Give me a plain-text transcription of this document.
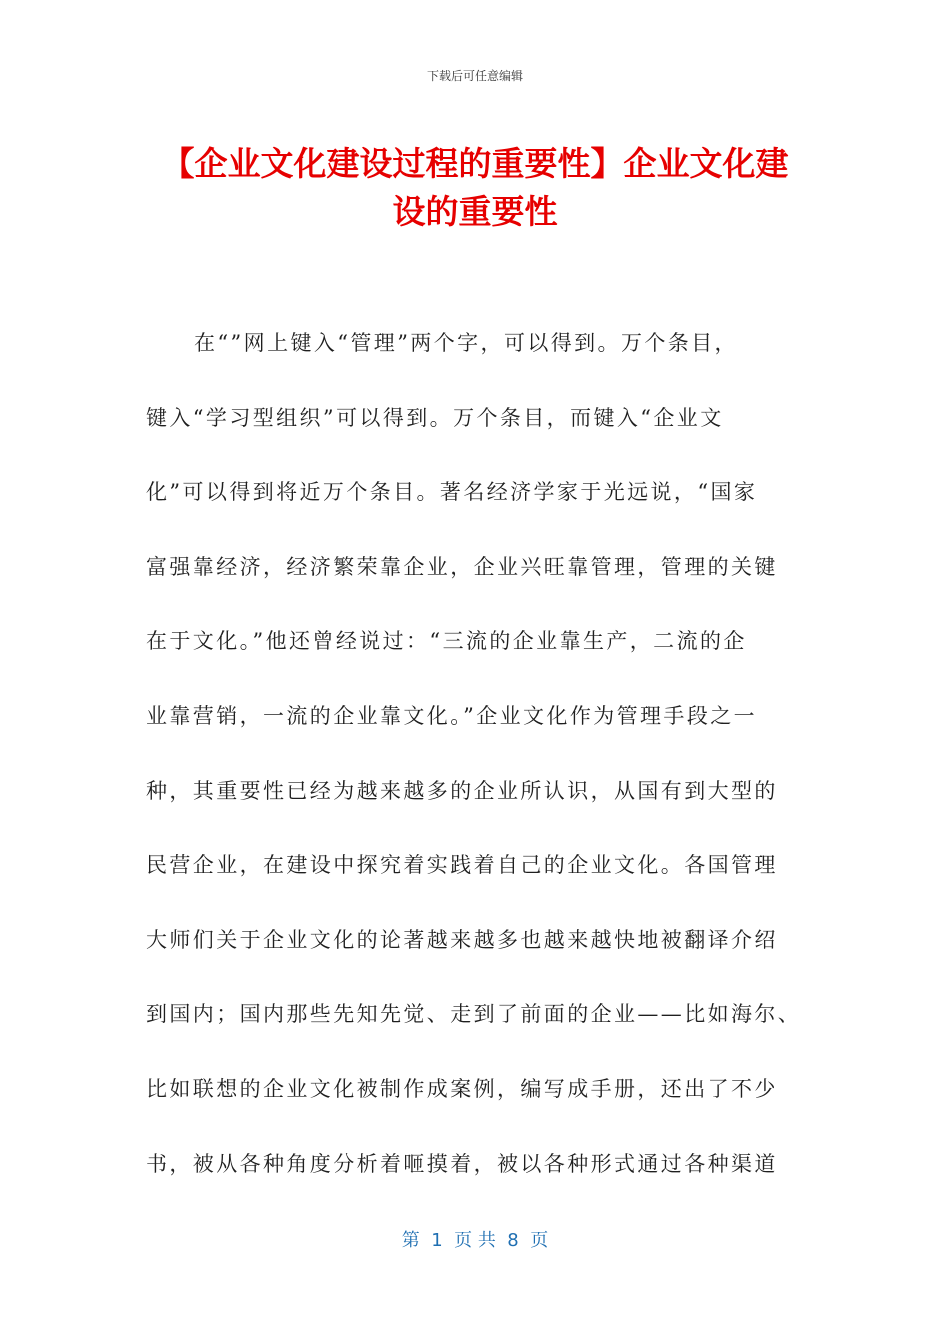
下载后可任意编辑
【企业文化建设过程的重要性】企业文化建
设的重要性
在“”网上键入“管理”两个字，可以得到。万个条目，
键入“学习型组织”可以得到。万个条目，而键入“企业文
化”可以得到将近万个条目。著名经济学家于光远说，“国家
富强靠经济，经济繁荣靠企业，企业兴旺靠管理，管理的关键
在于文化。”他还曾经说过：“三流的企业靠生产，二流的企
业靠营销，一流的企业靠文化。”企业文化作为管理手段之一
种，其重要性已经为越来越多的企业所认识，从国有到大型的
民营企业，在建设中探究着实践着自己的企业文化。各国管理
大师们关于企业文化的论著越来越多也越来越快地被翻译介绍
到国内；国内那些先知先觉、走到了前面的企业——比如海尔、
比如联想的企业文化被制作成案例，编写成手册，还出了不少
书，被从各种角度分析着咂摸着，被以各种形式通过各种渠道
第  1  页 共  8  页
